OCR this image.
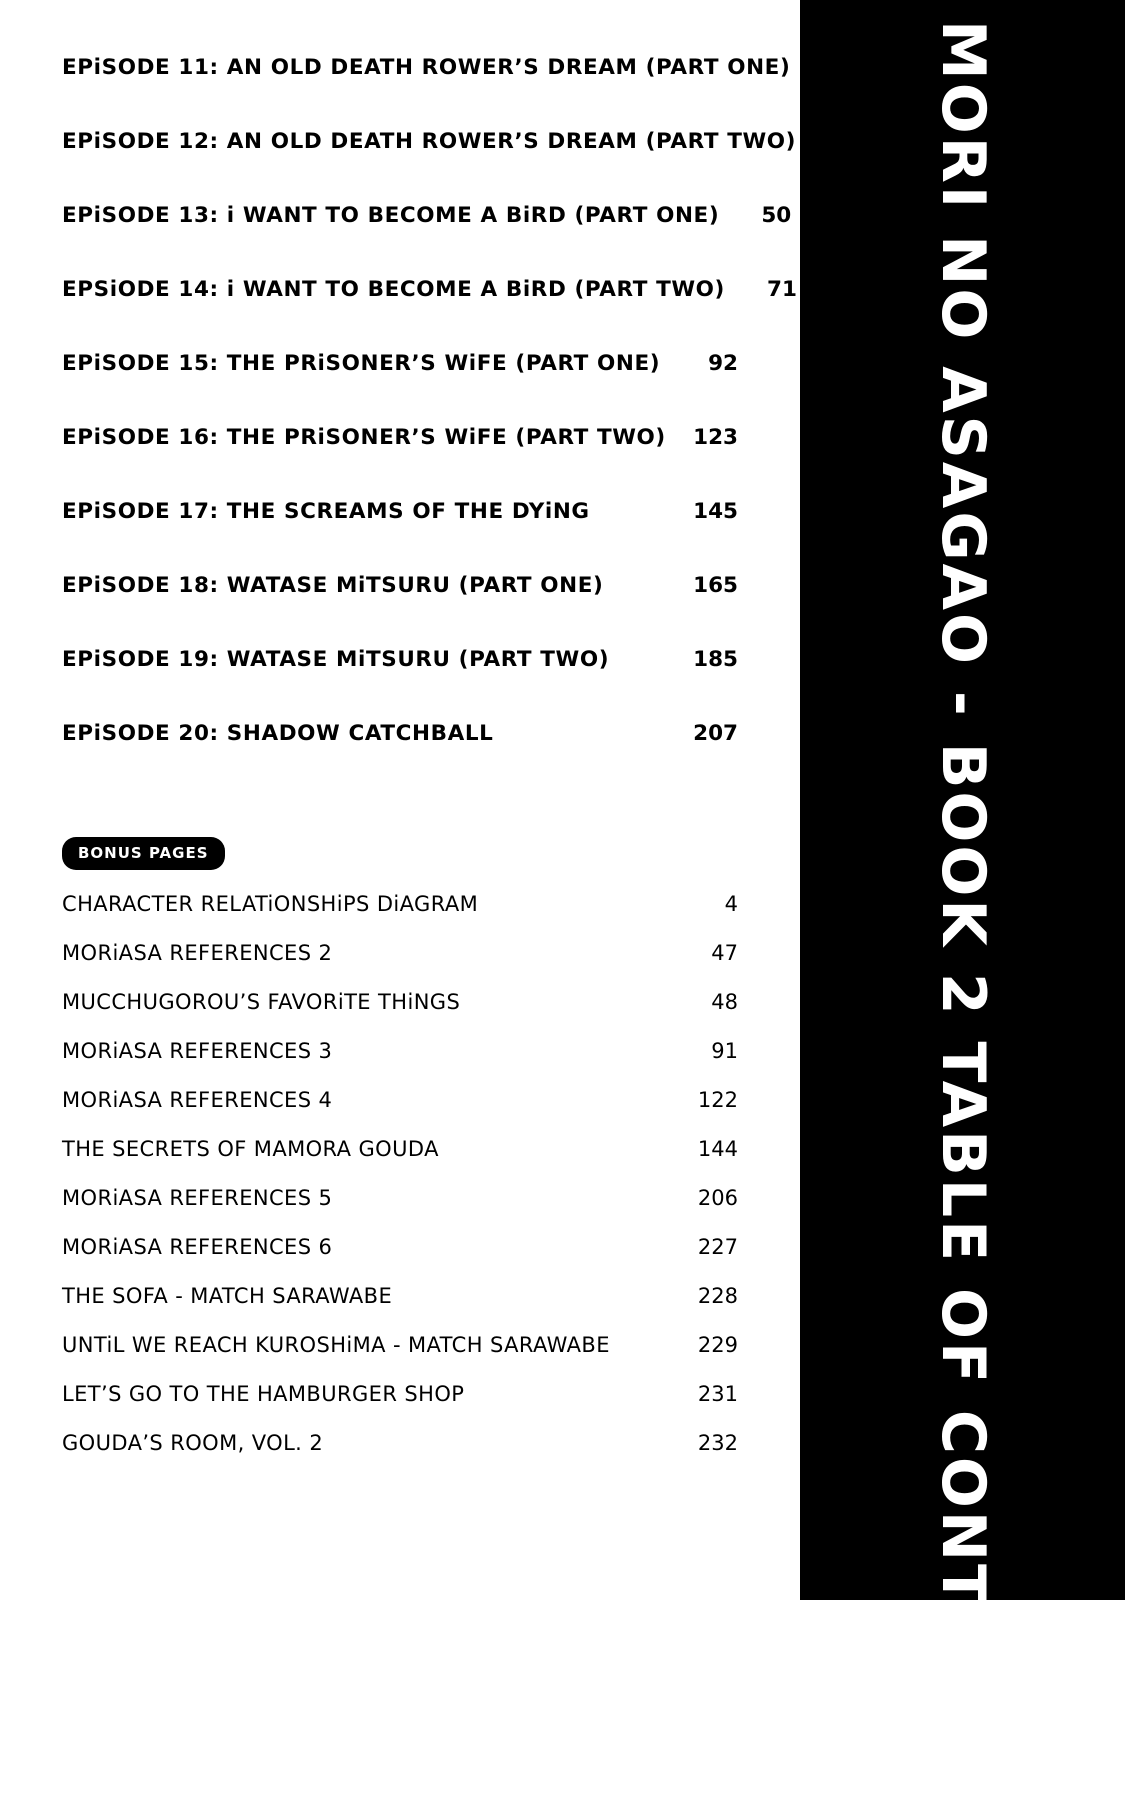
EPiSODE 11: AN OLD DEATH ROWER’S DREAM (PART ONE)
EPiSODE 12: AN OLD DEATH ROWER’S DREAM (PART TWO)
EPiSODE 13: i WANT TO BECOME A BiRD (PART ONE)	50
EPSiODE 14: i WANT TO BECOME A BiRD (PART TWO)	71
EPiSODE 15: THE PRiSONER’S WiFE (PART ONE)	92
EPiSODE 16: THE PRiSONER’S WiFE (PART TWO)	123
EPiSODE 17: THE SCREAMS OF THE DYiNG	145
EPiSODE 18: WATASE MiTSURU (PART ONE)	165
EPiSODE 19: WATASE MiTSURU (PART TWO)	185
EPiSODE 20: SHADOW CATCHBALL	207
BONUS PAGES
CHARACTER RELATiONSHiPS DiAGRAM	4
MORiASA REFERENCES 2	47
MUCCHUGOROU’S FAVORiTE THiNGS	48
MORiASA REFERENCES 3	91
MORiASA REFERENCES 4	122
THE SECRETS OF MAMORA GOUDA	144
MORiASA REFERENCES 5	206
MORiASA REFERENCES 6	227
THE SOFA - MATCH SARAWABE	228
UNTiL WE REACH KUROSHiMA - MATCH SARAWABE	229
LET’S GO TO THE HAMBURGER SHOP	231
GOUDA’S ROOM, VOL. 2	232	MORI NO ASAGAO - BOOK 2 TABLE OF CONTENTS
